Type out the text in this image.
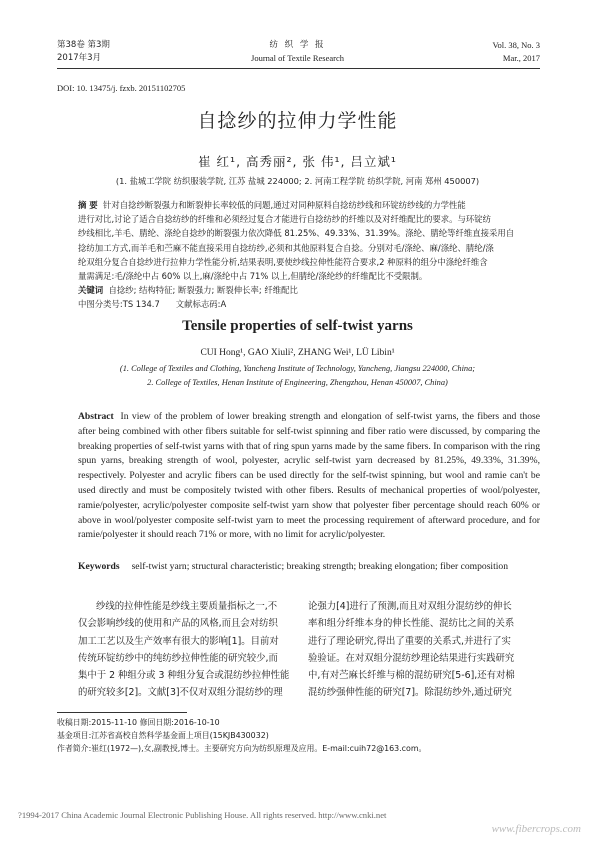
第38卷 第3期
2017年3月
纺 织 学 报
Journal of Textile Research
Vol. 38, No. 3
Mar., 2017
DOI: 10. 13475/j. fzxb. 20151102705
自捻纱的拉伸力学性能
崔 红¹, 高秀丽², 张 伟¹, 吕立斌¹
(1. 盐城工学院 纺织服装学院, 江苏 盐城 224000; 2. 河南工程学院 纺织学院, 河南 郑州 450007)
摘 要 针对自捻纱断裂强力和断裂伸长率较低的问题,通过对同种原料自捻纺纱线和环锭纺纱线的力学性能
进行对比,讨论了适合自捻纺纱的纤维和必须经过复合才能进行自捻纺纱的纤维以及对纤维配比的要求。与环锭纺
纱线相比,羊毛、腈纶、涤纶自捻纱的断裂强力依次降低 81.25%、49.33%、31.39%。涤纶、腈纶等纤维直接采用自
捻纺加工方式,而羊毛和苎麻不能直接采用自捻纺纱,必须和其他原料复合自捻。分别对毛/涤纶、麻/涤纶、腈纶/涤
纶双组分复合自捻纱进行拉伸力学性能分析,结果表明,要使纱线拉伸性能符合要求,2 种原料的组分中涤纶纤维含
量需满足:毛/涤纶中占 60% 以上,麻/涤纶中占 71% 以上,但腈纶/涤纶纱的纤维配比不受限制。
关键词 自捻纱; 结构特征; 断裂强力; 断裂伸长率; 纤维配比
中图分类号:TS 134.7 文献标志码:A
Tensile properties of self-twist yarns
CUI Hong¹, GAO Xiuli², ZHANG Wei¹, LÜ Libin¹
(1. College of Textiles and Clothing, Yancheng Institute of Technology, Yancheng, Jiangsu 224000, China;
2. College of Textiles, Henan Institute of Engineering, Zhengzhou, Henan 450007, China)
Abstract In view of the problem of lower breaking strength and elongation of self-twist yarns, the fibers and those after being combined with other fibers suitable for self-twist spinning and fiber ratio were discussed, by comparing the breaking properties of self-twist yarns with that of ring spun yarns made by the same fibers. In comparison with the ring spun yarns, breaking strength of wool, polyester, acrylic self-twist yarn decreased by 81.25%, 49.33%, 31.39%, respectively. Polyester and acrylic fibers can be used directly for the self-twist spinning, but wool and ramie can't be used directly and must be compositely twisted with other fibers. Results of mechanical properties of wool/polyester, ramie/polyester, acrylic/polyester composite self-twist yarn show that polyester fiber percentage should reach 60% or above in wool/polyester composite self-twist yarn to meet the processing requirement of afterward procedure, and for ramie/polyester it should reach 71% or more, with no limit for acrylic/polyester.
Keywords self-twist yarn; structural characteristic; breaking strength; breaking elongation; fiber composition
纱线的拉伸性能是纱线主要质量指标之一,不
仅会影响纱线的使用和产品的风格,而且会对纺织
加工工艺以及生产效率有很大的影响[1]。目前对
传统环锭纺纱中的纯纺纱拉伸性能的研究较少,而
集中于 2 种组分或 3 种组分复合或混纺纱拉伸性能
的研究较多[2]。文献[3]不仅对双组分混纺纱的理
论强力[4]进行了预测,而且对双组分混纺纱的伸长
率和组分纤维本身的伸长性能、混纺比之间的关系
进行了理论研究,得出了重要的关系式,并进行了实
验验证。在对双组分混纺纱理论结果进行实践研究
中,有对苎麻长纤维与棉的混纺研究[5-6],还有对棉
混纺纱强伸性能的研究[7]。除混纺纱外,通过研究
收稿日期:2015-11-10 修回日期:2016-10-10
基金项目:江苏省高校自然科学基金面上项目(15KJB430032)
作者简介:崔红(1972—),女,副教授,博士。主要研究方向为纺织原理及应用。E-mail:cuih72@163.com。
?1994-2017 China Academic Journal Electronic Publishing House. All rights reserved. http://www.cnki.net
www.fibercrops.com
